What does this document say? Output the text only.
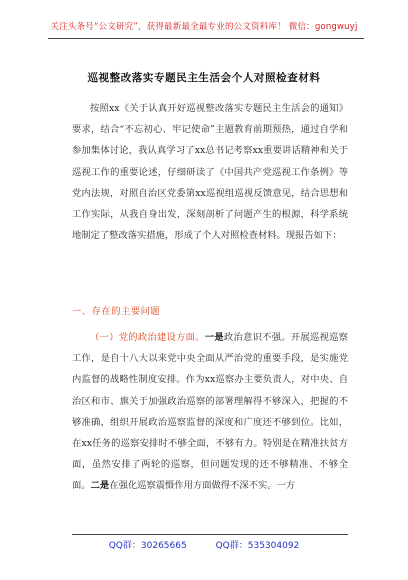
关注头条号“公文研究”，获得最新最全最专业的公文资料库！ 微信：gongwuyj
巡视整改落实专题民主生活会个人对照检查材料
按照xx《关于认真开好巡视整改落实专题民主生活会的通知》要求，结合“不忘初心、牢记使命”主题教育前期预热，通过自学和参加集体讨论，我认真学习了xx总书记考察xx重要讲话精神和关于巡视工作的重要论述，仔细研读了《中国共产党巡视工作条例》等党内法规，对照自治区党委第xx巡视组巡视反馈意见，结合思想和工作实际，从我自身出发，深刻剖析了问题产生的根源，科学系统地制定了整改落实措施，形成了个人对照检查材料。现报告如下：
一、存在的主要问题
（一）党的政治建设方面。一是政治意识不强。开展巡视巡察工作，是自十八大以来党中央全面从严治党的重要手段，是实施党内监督的战略性制度安排。作为xx巡察办主要负责人，对中央、自治区和市、旗关于加强政治巡察的部署理解得不够深入，把握的不够准确，组织开展政治巡察监督的深度和广度还不够到位。比如，在xx任务的巡察安排时不够全面，不够有力。特别是在精准扶贫方面，虽然安排了两轮的巡察，但问题发现的还不够精准、不够全面。二是在强化巡察震慑作用方面做得不深不实。一方
QQ群：30265665	QQ群：535304092
